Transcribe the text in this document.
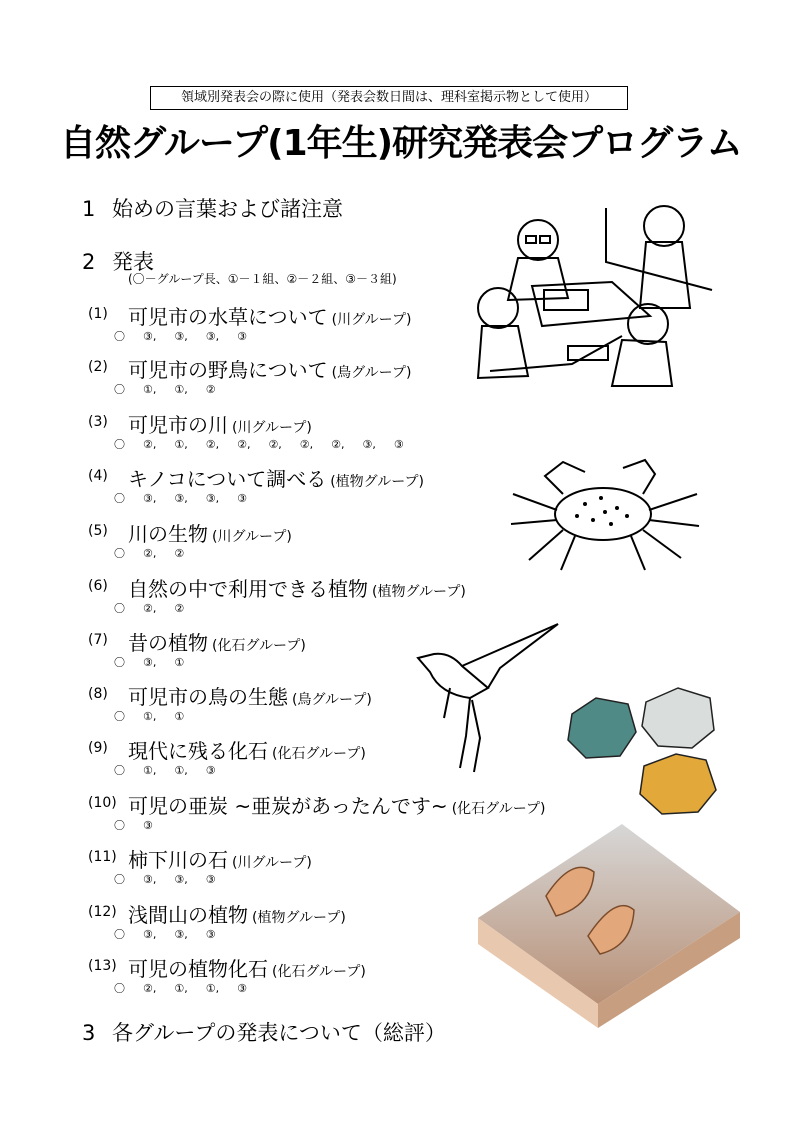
領域別発表会の際に使用（発表会数日間は、理科室掲示物として使用）
自然グループ(1年生)研究発表会プログラム
1 始めの言葉および諸注意
2 発表
(〇－グループ長、①－１組、②－２組、③－３組)
3 各グループの発表について（総評）
(1)	可児市の水草について (川グループ)
〇 ③, ③, ③, ③
(2)	可児市の野鳥について (鳥グループ)
〇 ①, ①, ②
(3)	可児市の川 (川グループ)
〇 ②, ①, ②, ②, ②, ②, ②, ③, ③
(4)	キノコについて調べる (植物グループ)
〇 ③, ③, ③, ③
(5)	川の生物 (川グループ)
〇 ②, ②
(6)	自然の中で利用できる植物 (植物グループ)
〇 ②, ②
(7)	昔の植物 (化石グループ)
〇 ③, ①
(8)	可児市の鳥の生態 (鳥グループ)
〇 ①, ①
(9)	現代に残る化石 (化石グループ)
〇 ①, ①, ③
(10) 可児の亜炭 ~亜炭があったんです~ (化石グループ)
〇 ③
(11) 柿下川の石 (川グループ)
〇 ③, ③, ③
(12) 浅間山の植物 (植物グループ)
〇 ③, ③, ③
(13) 可児の植物化石 (化石グループ)
〇 ②, ①, ①, ③
